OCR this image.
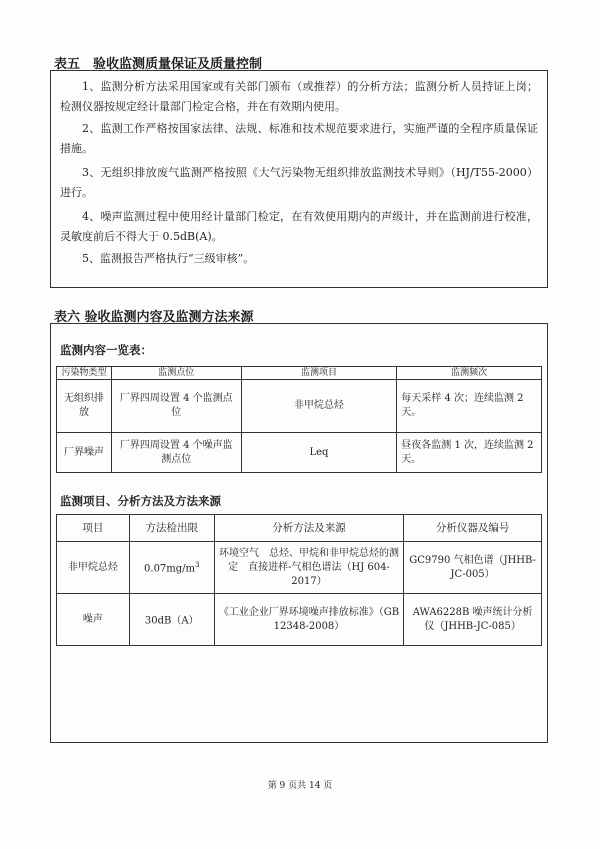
表五　验收监测质量保证及质量控制
1、监测分析方法采用国家或有关部门颁布（或推荐）的分析方法；监测分析人员持证上岗；检测仪器按规定经计量部门检定合格，并在有效期内使用。
2、监测工作严格按国家法律、法规、标准和技术规范要求进行，实施严谨的全程序质量保证措施。
3、无组织排放废气监测严格按照《大气污染物无组织排放监测技术导则》（HJ/T55-2000）进行。
4、噪声监测过程中使用经计量部门检定，在有效使用期内的声级计，并在监测前进行校准，灵敏度前后不得大于 0.5dB(A)。
5、监测报告严格执行“三级审核”。
表六 验收监测内容及监测方法来源
监测内容一览表：
污染物类型	监测点位	监测项目	监测频次
无组织排放	厂界四周设置 4 个监测点位	非甲烷总烃	每天采样 4 次；连续监测 2 天。
厂界噪声	厂界四周设置 4 个噪声监测点位	Leq	昼夜各监测 1 次，连续监测 2 天。
监测项目、分析方法及方法来源
项目	方法检出限	分析方法及来源	分析仪器及编号
非甲烷总烃	$0.07mg/m^3$	环境空气　总烃、甲烷和非甲烷总烃的测定　直接进样-气相色谱法（HJ 604-2017）	GC9790 气相色谱（JHHB-JC-005）
噪声	30dB（A）	《工业企业厂界环境噪声排放标准》（GB 12348-2008）	AWA6228B 噪声统计分析仪（JHHB-JC-085）
第 9 页共 14 页
